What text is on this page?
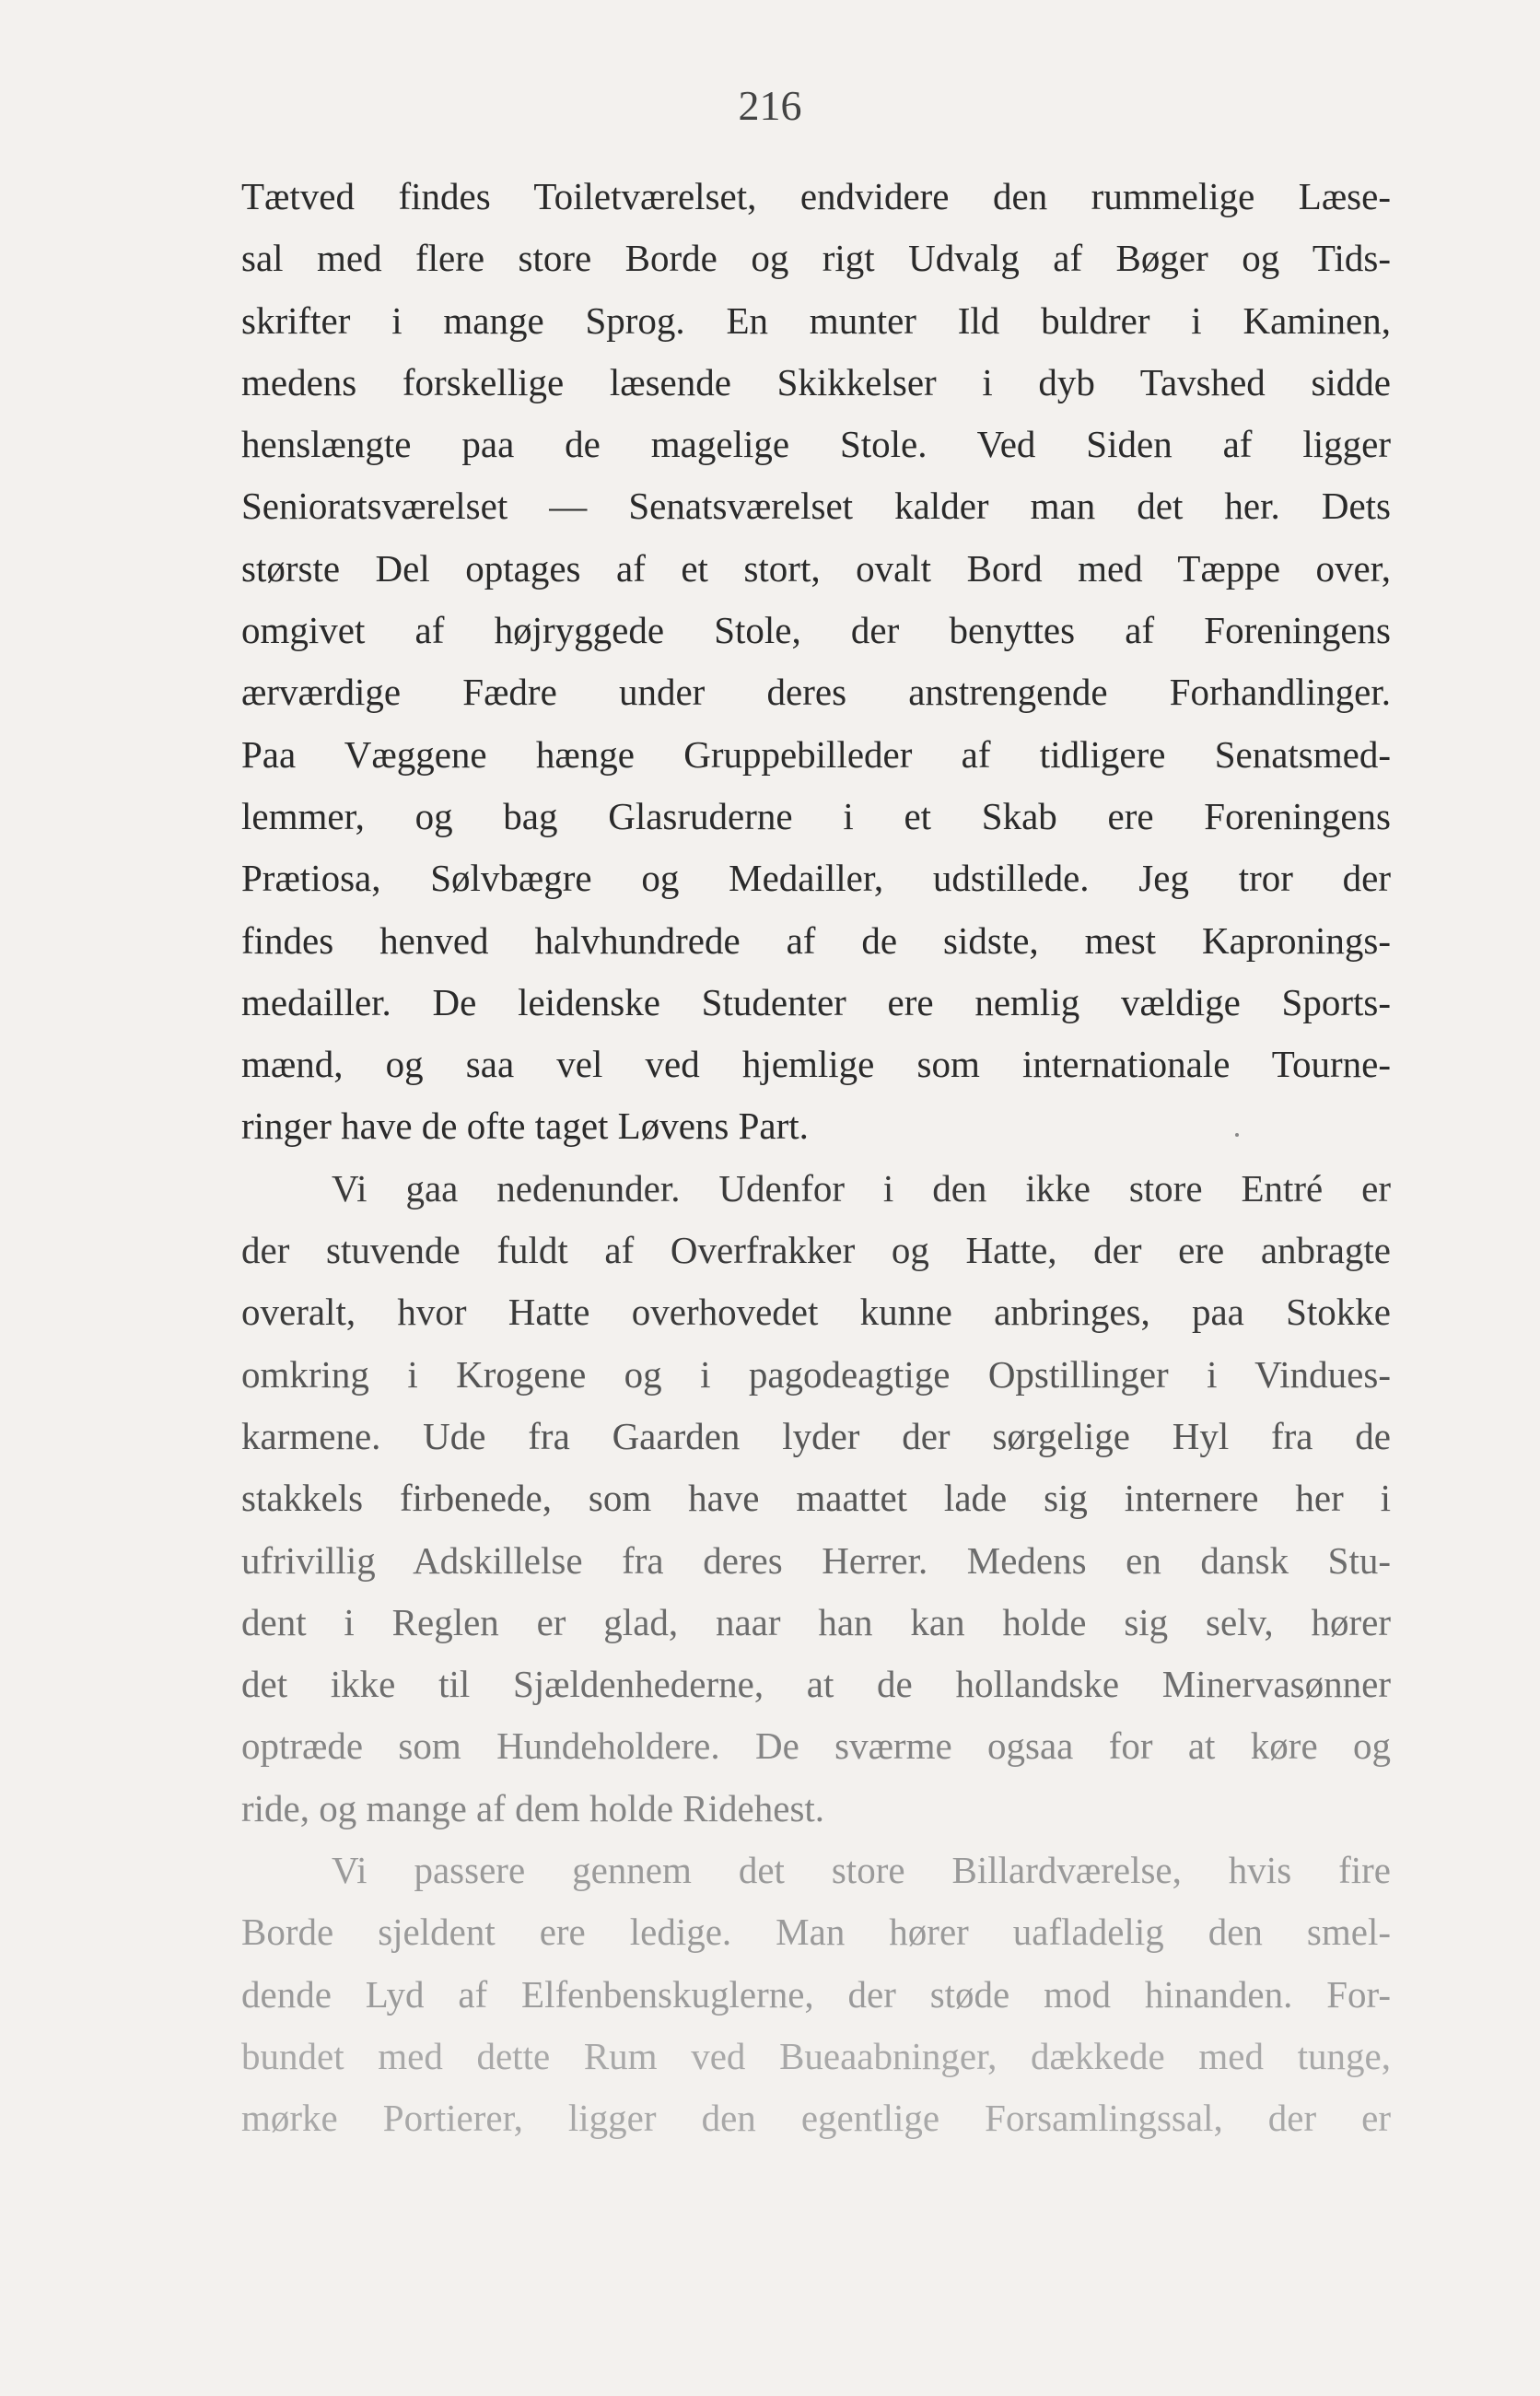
216
Tætved findes Toiletværelset, endvidere den rummelige Læse-
sal med flere store Borde og rigt Udvalg af Bøger og Tids-
skrifter i mange Sprog. En munter Ild buldrer i Kaminen,
medens forskellige læsende Skikkelser i dyb Tavshed sidde
henslængte paa de magelige Stole. Ved Siden af ligger
Senioratsværelset — Senatsværelset kalder man det her. Dets
største Del optages af et stort, ovalt Bord med Tæppe over,
omgivet af højryggede Stole, der benyttes af Foreningens
ærværdige Fædre under deres anstrengende Forhandlinger.
Paa Væggene hænge Gruppebilleder af tidligere Senatsmed-
lemmer, og bag Glasruderne i et Skab ere Foreningens
Prætiosa, Sølvbægre og Medailler, udstillede. Jeg tror der
findes henved halvhundrede af de sidste, mest Kapronings-
medailler. De leidenske Studenter ere nemlig vældige Sports-
mænd, og saa vel ved hjemlige som internationale Tourne-
ringer have de ofte taget Løvens Part.
Vi gaa nedenunder. Udenfor i den ikke store Entré er
der stuvende fuldt af Overfrakker og Hatte, der ere anbragte
overalt, hvor Hatte overhovedet kunne anbringes, paa Stokke
omkring i Krogene og i pagodeagtige Opstillinger i Vindues-
karmene. Ude fra Gaarden lyder der sørgelige Hyl fra de
stakkels firbenede, som have maattet lade sig internere her i
ufrivillig Adskillelse fra deres Herrer. Medens en dansk Stu-
dent i Reglen er glad, naar han kan holde sig selv, hører
det ikke til Sjældenhederne, at de hollandske Minervasønner
optræde som Hundeholdere. De sværme ogsaa for at køre og
ride, og mange af dem holde Ridehest.
Vi passere gennem det store Billardværelse, hvis fire
Borde sjeldent ere ledige. Man hører uafladelig den smel-
dende Lyd af Elfenbenskuglerne, der støde mod hinanden. For-
bundet med dette Rum ved Bueaabninger, dækkede med tunge,
mørke Portierer, ligger den egentlige Forsamlingssal, der er
